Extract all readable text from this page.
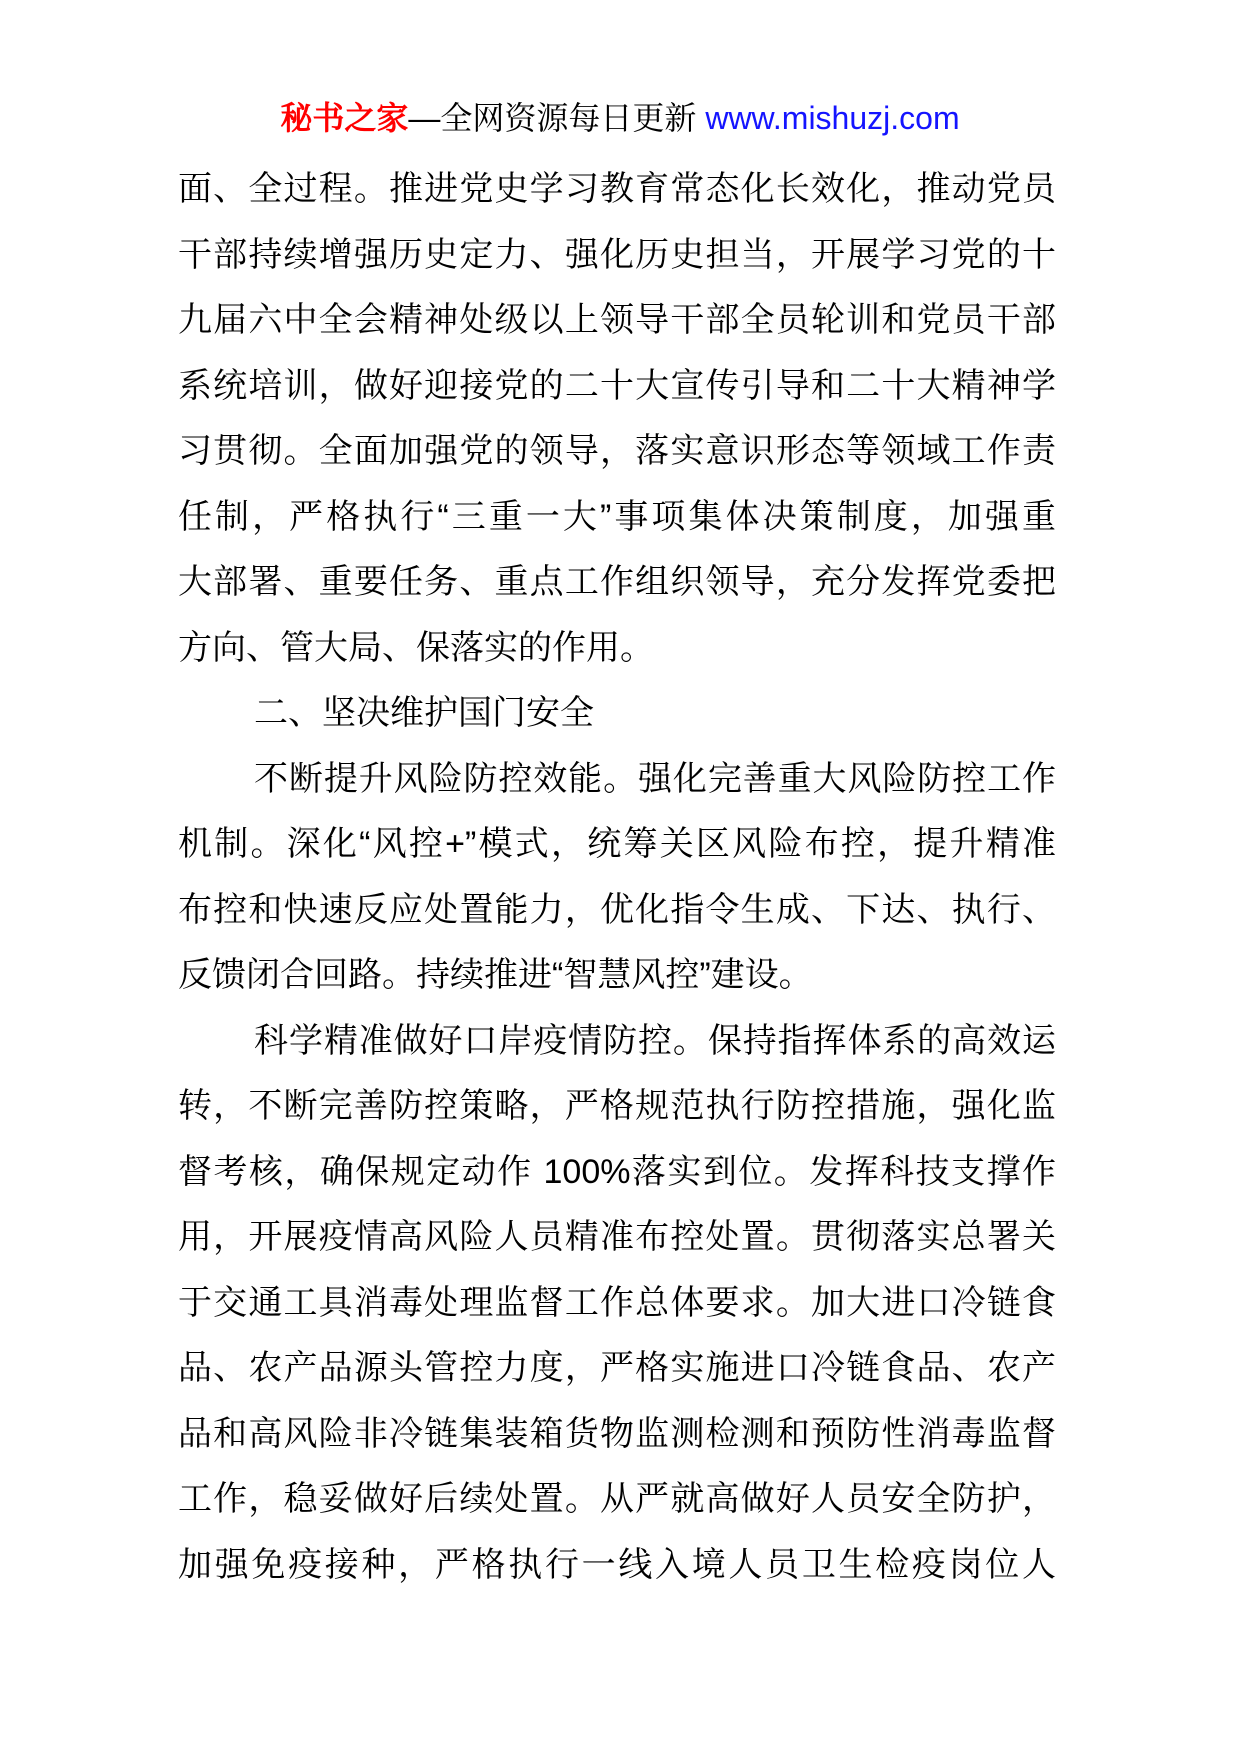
秘书之家—全网资源每日更新 www.mishuzj.com
面、全过程。推进党史学习教育常态化长效化，推动党员
干部持续增强历史定力、强化历史担当，开展学习党的十
九届六中全会精神处级以上领导干部全员轮训和党员干部
系统培训，做好迎接党的二十大宣传引导和二十大精神学
习贯彻。全面加强党的领导，落实意识形态等领域工作责
任制，严格执行“三重一大”事项集体决策制度，加强重
大部署、重要任务、重点工作组织领导，充分发挥党委把
方向、管大局、保落实的作用。
二、坚决维护国门安全
不断提升风险防控效能。强化完善重大风险防控工作
机制。深化“风控+”模式，统筹关区风险布控，提升精准
布控和快速反应处置能力，优化指令生成、下达、执行、
反馈闭合回路。持续推进“智慧风控”建设。
科学精准做好口岸疫情防控。保持指挥体系的高效运
转，不断完善防控策略，严格规范执行防控措施，强化监
督考核，确保规定动作 100%落实到位。发挥科技支撑作
用，开展疫情高风险人员精准布控处置。贯彻落实总署关
于交通工具消毒处理监督工作总体要求。加大进口冷链食
品、农产品源头管控力度，严格实施进口冷链食品、农产
品和高风险非冷链集装箱货物监测检测和预防性消毒监督
工作，稳妥做好后续处置。从严就高做好人员安全防护，
加强免疫接种，严格执行一线入境人员卫生检疫岗位人
